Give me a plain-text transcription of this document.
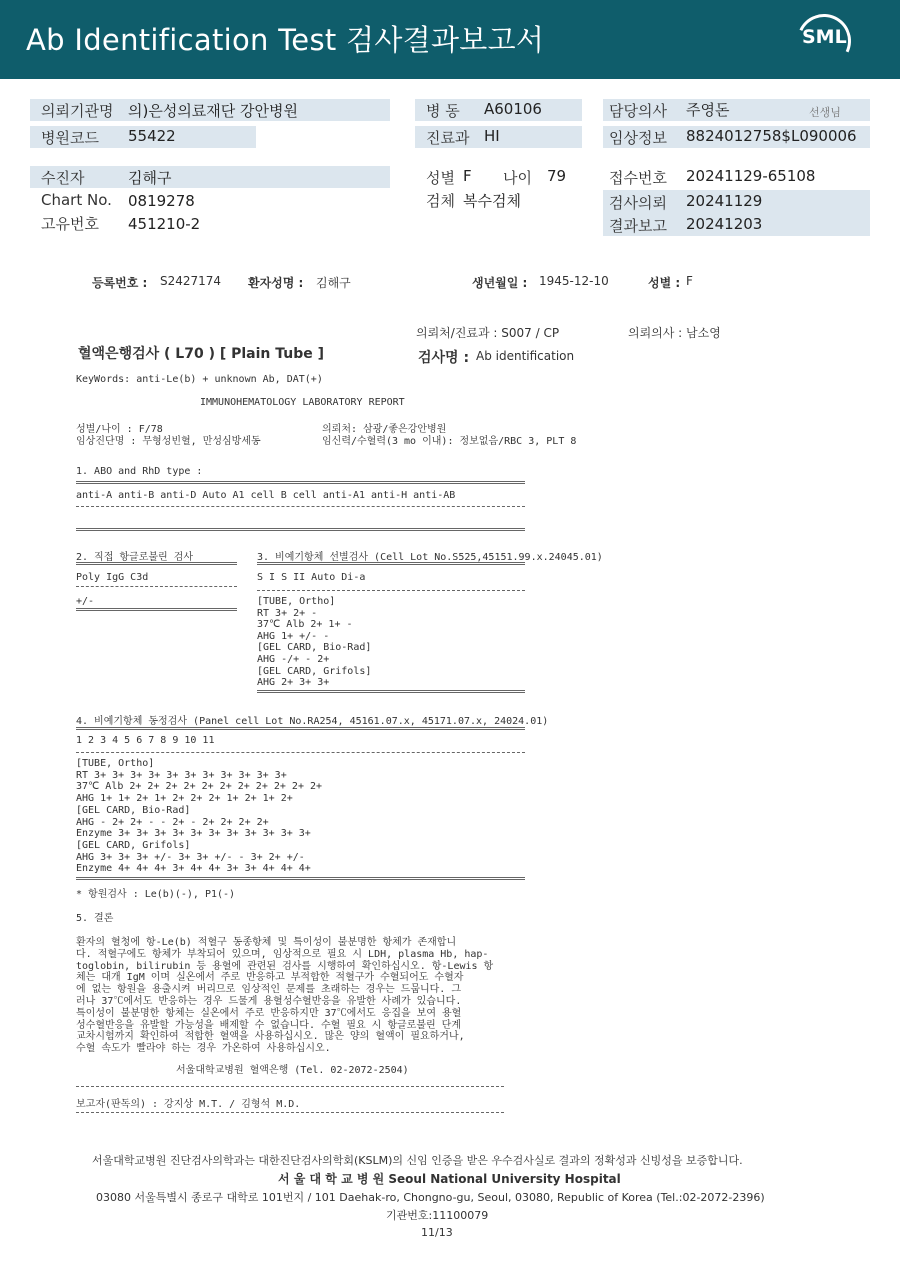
Ab Identification Test 검사결과보고서	SML
의뢰기관명 의)은성의료재단 강안병원
병원코드 55422
병 동 A60106
진료과 HI
담당의사 주영돈	선생님
임상정보 8824012758$L090006
수진자	김해구
Chart No. 0819278
고유번호 451210-2
성별 F 나이 79
검체 복수검체
접수번호 20241129-65108
검사의뢰 20241129
결과보고 20241203
등록번호 : S2427174 환자성명 : 김해구	생년월일 : 1945-12-10	성별 : F
의뢰처/진료과 : S007 / CP	의뢰의사 : 남소영
혈액은행검사 ( L70 ) [ Plain Tube ]	검사명 : Ab identification
KeyWords: anti-Le(b) + unknown Ab, DAT(+)
IMMUNOHEMATOLOGY LABORATORY REPORT
성별/나이 : F/78
임상진단명 : 무형성빈혈, 만성심방세동
의뢰처: 삼광/좋은강안병원
임신력/수혈력(3 mo 이내): 정보없음/RBC 3, PLT 8
1. ABO and RhD type :
anti-A anti-B anti-D Auto A1 cell B cell anti-A1 anti-H anti-AB
2. 직접 항글로불린 검사
Poly IgG C3d
+/-
3. 비예기항체 선별검사 (Cell Lot No.S525,45151.99.x.24045.01)
S I S II Auto Di-a
[TUBE, Ortho]
RT 3+ 2+ -
37℃ Alb 2+ 1+ -
AHG 1+ +/- -
[GEL CARD, Bio-Rad]
AHG -/+ - 2+
[GEL CARD, Grifols]
AHG 2+ 3+ 3+
4. 비예기항체 동정검사 (Panel cell Lot No.RA254, 45161.07.x, 45171.07.x, 24024.01)
1 2 3 4 5 6 7 8 9 10 11
[TUBE, Ortho]
RT 3+ 3+ 3+ 3+ 3+ 3+ 3+ 3+ 3+ 3+ 3+
37℃ Alb 2+ 2+ 2+ 2+ 2+ 2+ 2+ 2+ 2+ 2+ 2+
AHG 1+ 1+ 2+ 1+ 2+ 2+ 2+ 1+ 2+ 1+ 2+
[GEL CARD, Bio-Rad]
AHG - 2+ 2+ - - 2+ - 2+ 2+ 2+ 2+
Enzyme 3+ 3+ 3+ 3+ 3+ 3+ 3+ 3+ 3+ 3+ 3+
[GEL CARD, Grifols]
AHG 3+ 3+ 3+ +/- 3+ 3+ +/- - 3+ 2+ +/-
Enzyme 4+ 4+ 4+ 3+ 4+ 4+ 3+ 3+ 4+ 4+ 4+
* 항원검사 : Le(b)(-), P1(-)
5. 결론
환자의 혈청에 항-Le(b) 적혈구 동종항체 및 특이성이 불분명한 항체가 존재합니
다. 적혈구에도 항체가 부착되어 있으며, 임상적으로 필요 시 LDH, plasma Hb, hap-
toglobin, bilirubin 등 용혈에 관련된 검사를 시행하여 확인하십시오. 항-Lewis 항
체는 대개 IgM 이며 실온에서 주로 반응하고 부적합한 적혈구가 수혈되어도 수혈자
에 없는 항원을 용출시켜 버리므로 임상적인 문제를 초래하는 경우는 드뭅니다. 그
러나 37℃에서도 반응하는 경우 드물게 용혈성수혈반응을 유발한 사례가 있습니다.
특이성이 불분명한 항체는 실온에서 주로 반응하지만 37℃에서도 응집을 보여 용혈
성수혈반응을 유발할 가능성을 배제할 수 없습니다. 수혈 필요 시 항글로불린 단계
교차시험까지 확인하여 적합한 혈액을 사용하십시오. 많은 양의 혈액이 필요하거나,
수혈 속도가 빨라야 하는 경우 가온하여 사용하십시오.
서울대학교병원 혈액은행 (Tel. 02-2072-2504)
보고자(판독의) : 강지상 M.T. / 김형석 M.D.
서울대학교병원 진단검사의학과는 대한진단검사의학회(KSLM)의 신임 인증을 받은 우수검사실로 결과의 정확성과 신빙성을 보증합니다.
서 울 대 학 교 병 원 Seoul National University Hospital
03080 서울특별시 종로구 대학로 101번지 / 101 Daehak-ro, Chongno-gu, Seoul, 03080, Republic of Korea (Tel.:02-2072-2396)
기관번호:11100079
11/13
